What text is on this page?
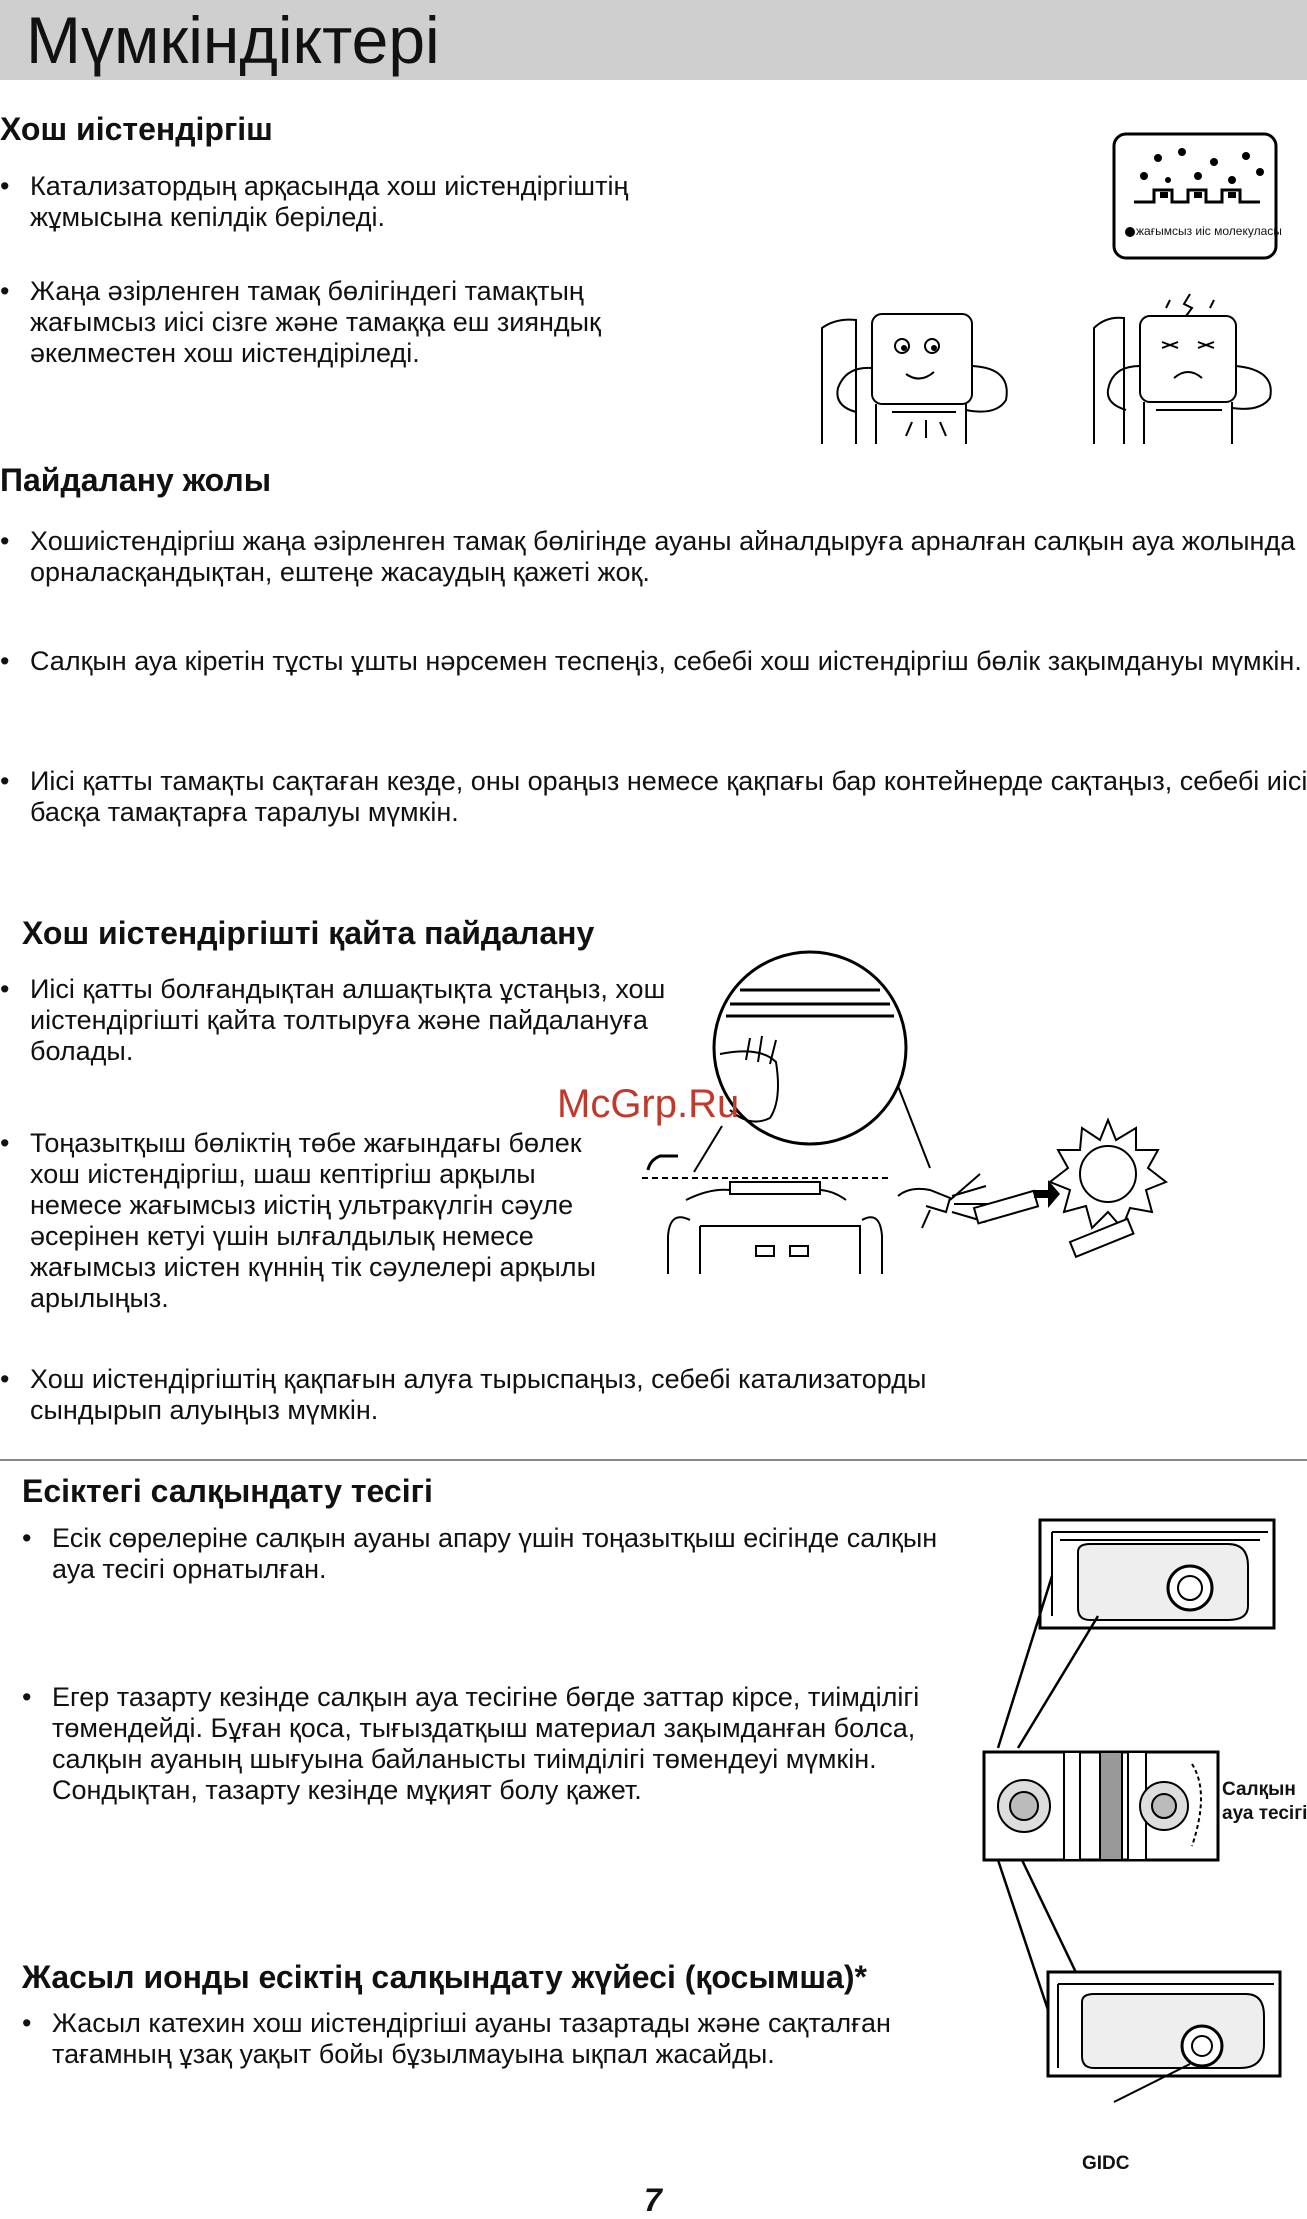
Мүмкіндіктері
Хош иістендіргіш
• Катализатордың арқасында хош иістендіргіштің жұмысына кепілдік беріледі.
• Жаңа әзірленген тамақ бөлігіндегі тамақтың жағымсыз иісі сізге және тамаққа еш зияндық әкелместен хош иістендіріледі.
жағымсыз иіс молекуласы
Пайдалану жолы
• Хошиістендіргіш жаңа әзірленген тамақ бөлігінде ауаны айналдыруға арналған салқын ауа жолында орналасқандықтан, ештеңе жасаудың қажеті жоқ.
• Салқын ауа кіретін тұсты ұшты нәрсемен теспеңіз, себебі хош иістендіргіш бөлік зақымдануы мүмкін.
• Иісі қатты тамақты сақтаған кезде, оны ораңыз немесе қақпағы бар контейнерде сақтаңыз, себебі иісі басқа тамақтарға таралуы мүмкін.
Хош иістендіргішті қайта пайдалану
• Иісі қатты болғандықтан алшақтықта ұстаңыз, хош иістендіргішті қайта толтыруға және пайдалануға болады.
• Тоңазытқыш бөліктің төбе жағындағы бөлек хош иістендіргіш, шаш кептіргіш арқылы немесе жағымсыз иістің ультракүлгін сәуле әсерінен кетуі үшін ылғалдылық немесе жағымсыз иістен күннің тік сәулелері арқылы арылыңыз.
• Хош иістендіргіштің қақпағын алуға тырыспаңыз, себебі катализаторды сындырып алуыңыз мүмкін.
McGrp.Ru
Есіктегі салқындату тесігі
• Есік сөрелеріне салқын ауаны апару үшін тоңазытқыш есігінде салқын ауа тесігі орнатылған.
• Егер тазарту кезінде салқын ауа тесігіне бөгде заттар кірсе, тиімділігі төмендейді. Бұған қоса, тығыздатқыш материал зақымданған болса, салқын ауаның шығуына байланысты тиімділігі төмендеуі мүмкін. Сондықтан, тазарту кезінде мұқият болу қажет.	Салқын
ауа тесігі
Жасыл ионды есіктің салқындату жүйесі (қосымша)*
• Жасыл катехин хош иістендіргіші ауаны тазартады және сақталған тағамның ұзақ уақыт бойы бұзылмауына ықпал жасайды.
GIDC
7
